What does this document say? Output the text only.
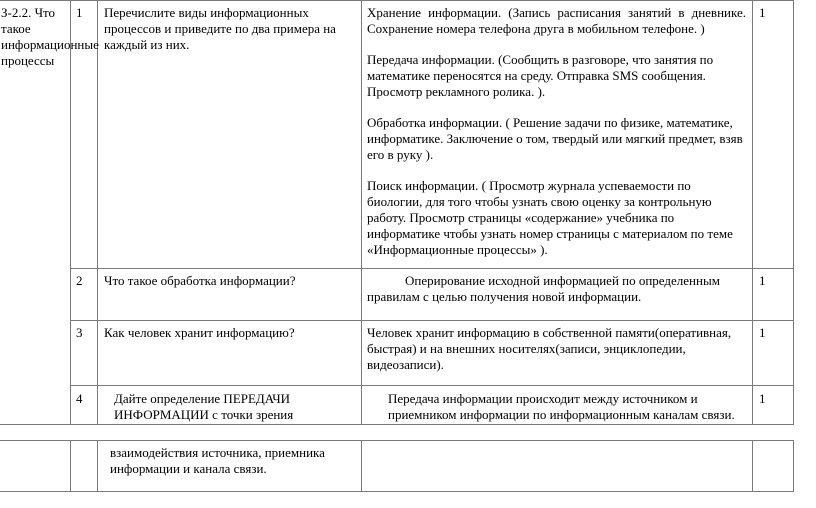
З-2.2. Что такое информационные процессы
1 Перечислите виды информационных процессов и приведите по два примера на каждый из них.

Хранение информации. (Запись расписания занятий в дневнике. Сохранение номера телефона друга в мобильном телефоне. )

Передача информации. (Сообщить в разговоре, что занятия по математике переносятся на среду. Отправка SMS сообщения. Просмотр рекламного ролика. ).

Обработка информации. ( Решение задачи по физике, математике, информатике. Заключение о том, твердый или мягкий предмет, взяв его в руку ).

Поиск информации. ( Просмотр журнала успеваемости по биологии, для того чтобы узнать свою оценку за контрольную работу. Просмотр страницы «содержание» учебника по информатике чтобы узнать номер страницы с материалом по теме «Информационные процессы» ).

1
2 Что такое обработка информации?	Оперирование исходной информацией по определенным правилам с целью получения новой информации.
1
3 Как человек хранит информацию?	Человек хранит информацию в собственной памяти(оперативная, быстрая) и на внешних носителях(записи, энциклопедии, видеозаписи).
1
4 Дайте определение ПЕРЕДАЧИ ИНФОРМАЦИИ с точки зрения
Передача информации происходит между источником и приемником информации по информационным каналам связи.
1
взаимодействия источника, приемника информации и канала связи.
